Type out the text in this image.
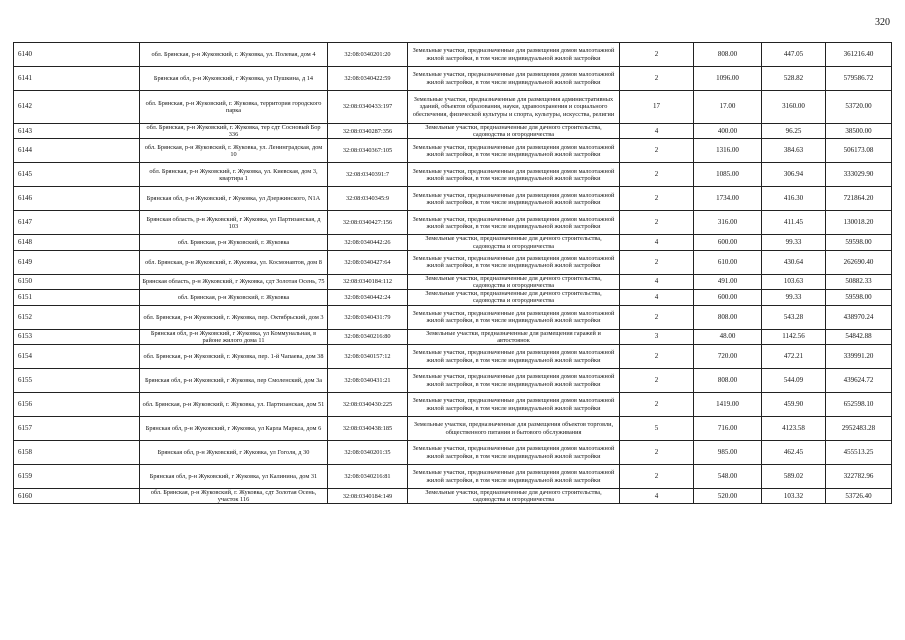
320
6140	обл. Брянская, р-н Жуковский, г. Жуковка, ул. Полевая, дом 4	32:08:0340201:20	Земельные участки, предназначенные для размещения домов малоэтажной жилой застройки, в том числе индивидуальной жилой застройки	2	808.00	447.05	361216.40
6141	Брянская обл, р-н Жуковский, г Жуковка, ул Пушкина, д 14	32:08:0340422:59	Земельные участки, предназначенные для размещения домов малоэтажной жилой застройки, в том числе индивидуальной жилой застройки	2	1096.00	528.82	579586.72
6142	обл. Брянская, р-н Жуковский, г. Жуковка, территория городского парка	32:08:0340433:197	Земельные участки, предназначенные для размещения административных зданий, объектов образования, науки, здравоохранения и социального обеспечения, физической культуры и спорта, культуры, искусства, религии	17	17.00	3160.00	53720.00
6143	обл. Брянская, р-н Жуковский, г. Жуковка, тер сдт Сосновый Бор 336	32:08:0340287:356	Земельные участки, предназначенные для дачного строительства, садоводства и огородничества	4	400.00	96.25	38500.00
6144	обл. Брянская, р-н Жуковский, г. Жуковка, ул. Ленинградская, дом 10	32:08:0340367:105	Земельные участки, предназначенные для размещения домов малоэтажной жилой застройки, в том числе индивидуальной жилой застройки	2	1316.00	384.63	506173.08
6145	обл. Брянская, р-н Жуковский, г. Жуковка, ул. Киевская, дом 3, квартира 1	32:08:0340391:7	Земельные участки, предназначенные для размещения домов малоэтажной жилой застройки, в том числе индивидуальной жилой застройки	2	1085.00	306.94	333029.90
6146	Брянская обл, р-н Жуковский, г Жуковка, ул Дзержинского, N1А	32:08:0340345:9	Земельные участки, предназначенные для размещения домов малоэтажной жилой застройки, в том числе индивидуальной жилой застройки	2	1734.00	416.30	721864.20
6147	Брянская область, р-н Жуковский, г Жуковка, ул Партизанская, д 103	32:08:0340427:156	Земельные участки, предназначенные для размещения домов малоэтажной жилой застройки, в том числе индивидуальной жилой застройки	2	316.00	411.45	130018.20
6148	обл. Брянская, р-н Жуковский, г. Жуковка	32:08:0340442:26	Земельные участки, предназначенные для дачного строительства, садоводства и огородничества	4	600.00	99.33	59598.00
6149	обл. Брянская, р-н Жуковский, г. Жуковка, ул. Космонавтов, дом 8	32:08:0340427:64	Земельные участки, предназначенные для размещения домов малоэтажной жилой застройки, в том числе индивидуальной жилой застройки	2	610.00	430.64	262690.40
6150	Брянская область, р-н Жуковский, г Жуковка, сдт Золотая Осень, 75	32:08:0340184:112	Земельные участки, предназначенные для дачного строительства, садоводства и огородничества	4	491.00	103.63	50882.33
6151	обл. Брянская, р-н Жуковский, г. Жуковка	32:08:0340442:24	Земельные участки, предназначенные для дачного строительства, садоводства и огородничества	4	600.00	99.33	59598.00
6152	обл. Брянская, р-н Жуковский, г. Жуковка, пер. Октябрьский, дом 3	32:08:0340431:79	Земельные участки, предназначенные для размещения домов малоэтажной жилой застройки, в том числе индивидуальной жилой застройки	2	808.00	543.28	438970.24
6153	Брянская обл, р-н Жуковский, г Жуковка, ул Коммунальная, в районе жилого дома 11	32:08:0340216:80	Земельные участки, предназначенные для размещения гаражей и автостоянок	3	48.00	1142.56	54842.88
6154	обл. Брянская, р-н Жуковский, г. Жуковка, пер. 1-й Чапаева, дом 38	32:08:0340157:12	Земельные участки, предназначенные для размещения домов малоэтажной жилой застройки, в том числе индивидуальной жилой застройки	2	720.00	472.21	339991.20
6155	Брянская обл, р-н Жуковский, г Жуковка, пер Смоленский, дом 3а	32:08:0340431:21	Земельные участки, предназначенные для размещения домов малоэтажной жилой застройки, в том числе индивидуальной жилой застройки	2	808.00	544.09	439624.72
6156	обл. Брянская, р-н Жуковский, г. Жуковка, ул. Партизанская, дом 51	32:08:0340430:225	Земельные участки, предназначенные для размещения домов малоэтажной жилой застройки, в том числе индивидуальной жилой застройки	2	1419.00	459.90	652598.10
6157	Брянская обл, р-н Жуковский, г Жуковка, ул Карла Маркса, дом 6	32:08:0340438:185	Земельные участки, предназначенные для размещения объектов торговли, общественного питания и бытового обслуживания	5	716.00	4123.58	2952483.28
6158	Брянская обл, р-н Жуковский, г Жуковка, ул Гоголя, д 30	32:08:0340201:35	Земельные участки, предназначенные для размещения домов малоэтажной жилой застройки, в том числе индивидуальной жилой застройки	2	985.00	462.45	455513.25
6159	Брянская обл, р-н Жуковский, г Жуковка, ул Калинина, дом 31	32:08:0340216:81	Земельные участки, предназначенные для размещения домов малоэтажной жилой застройки, в том числе индивидуальной жилой застройки	2	548.00	589.02	322782.96
6160	обл. Брянская, р-н Жуковский, г. Жуковка, сдт Золотая Осень, участок 116	32:08:0340184:149	Земельные участки, предназначенные для дачного строительства, садоводства и огородничества	4	520.00	103.32	53726.40
